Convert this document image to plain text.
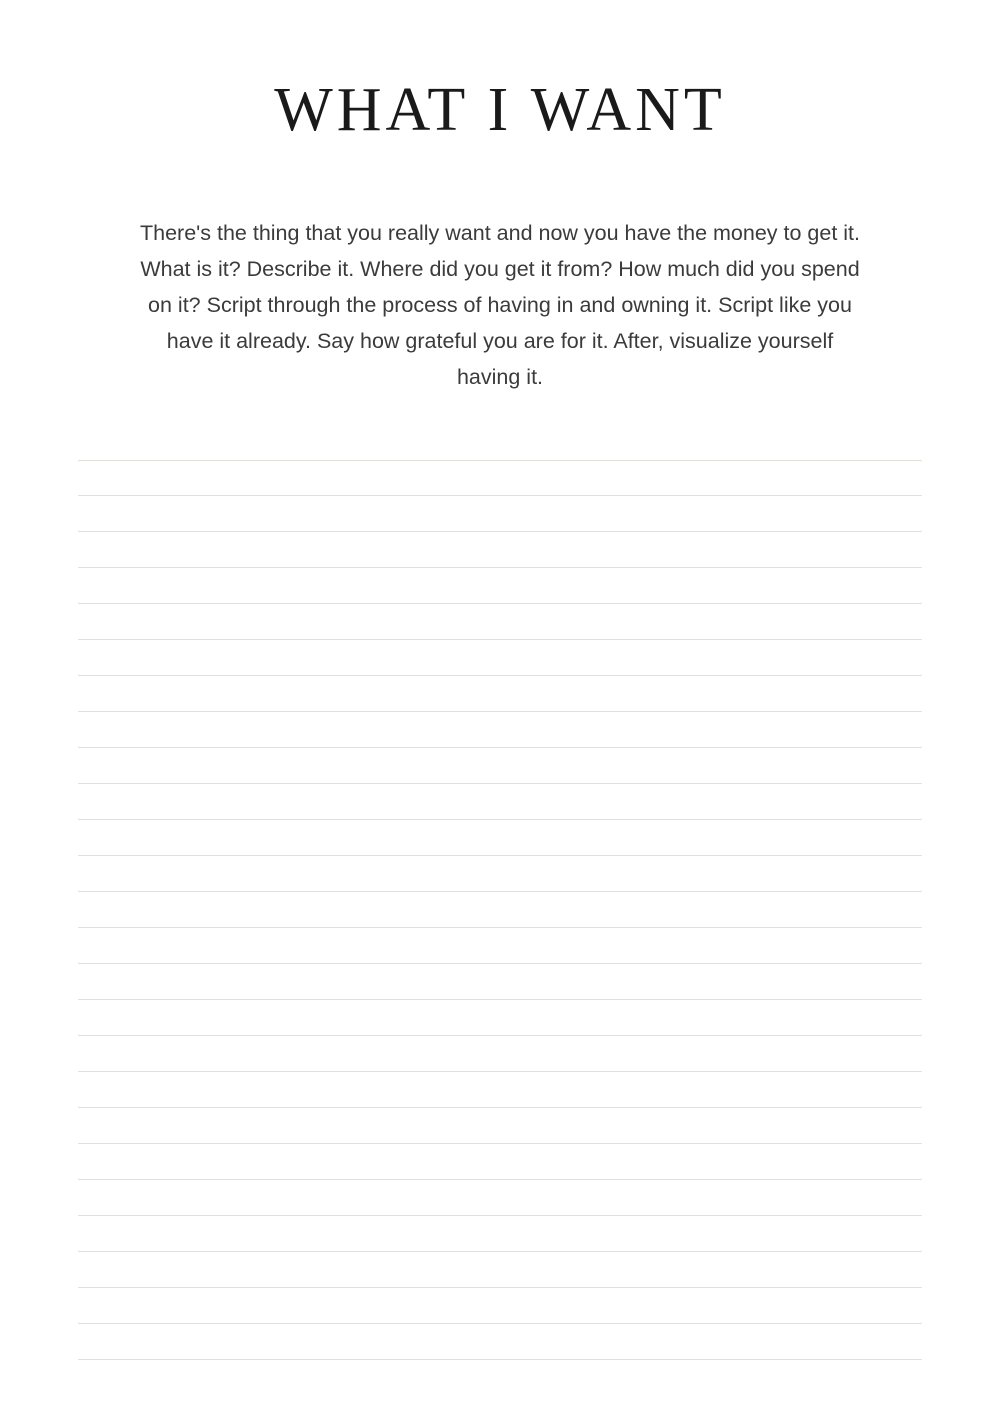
WHAT I WANT

There's the thing that you really want and now you have the money to get it. What is it? Describe it. Where did you get it from? How much did you spend on it? Script through the process of having in and owning it. Script like you have it already. Say how grateful you are for it. After, visualize yourself having it.
